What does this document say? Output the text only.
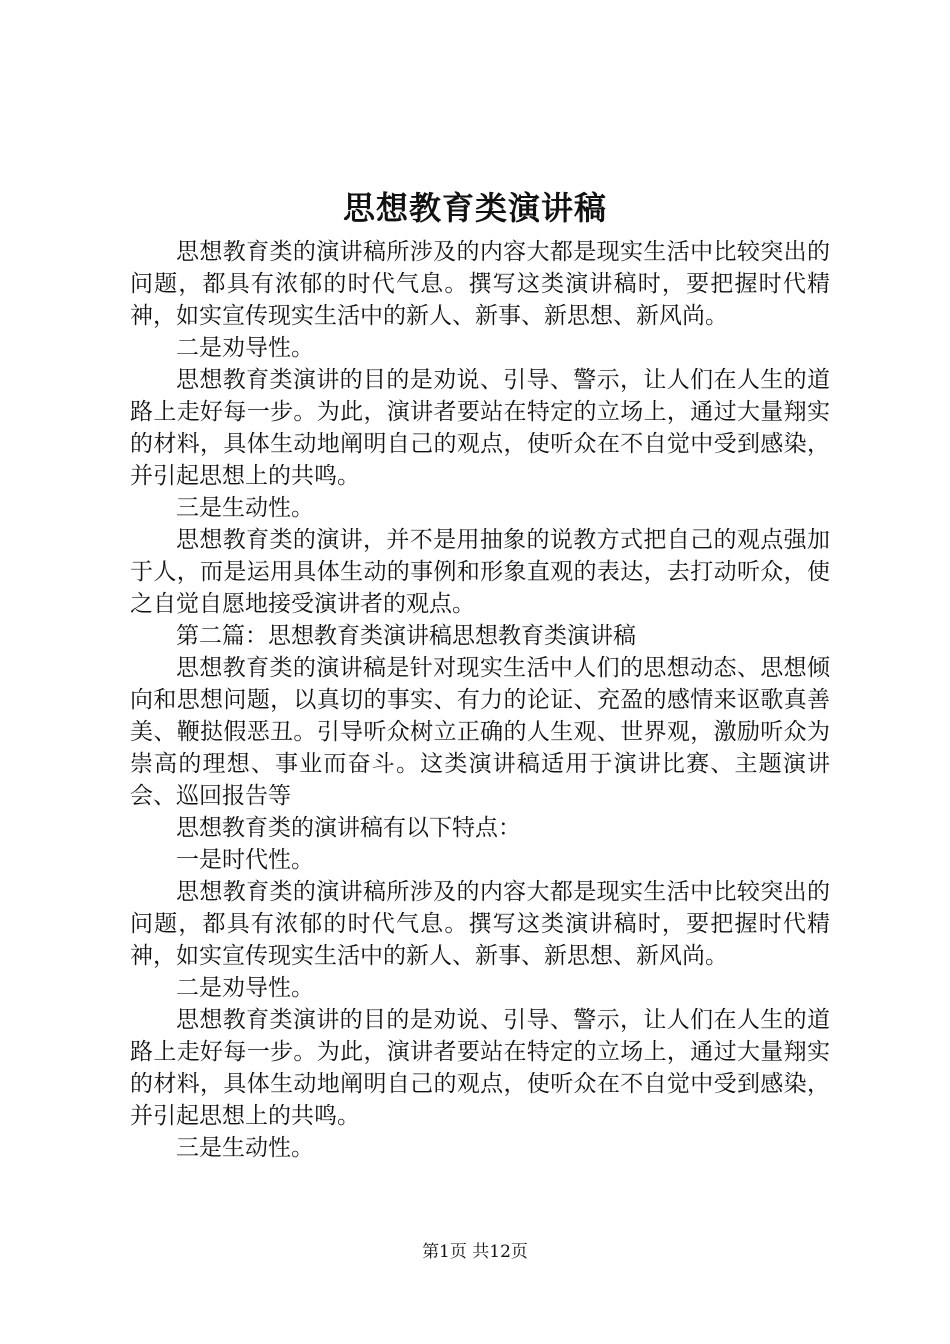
思想教育类演讲稿

思想教育类的演讲稿所涉及的内容大都是现实生活中比较突出的问题，都具有浓郁的时代气息。撰写这类演讲稿时，要把握时代精神，如实宣传现实生活中的新人、新事、新思想、新风尚。

二是劝导性。

思想教育类演讲的目的是劝说、引导、警示，让人们在人生的道路上走好每一步。为此，演讲者要站在特定的立场上，通过大量翔实的材料，具体生动地阐明自己的观点，使听众在不自觉中受到感染，并引起思想上的共鸣。

三是生动性。

思想教育类的演讲，并不是用抽象的说教方式把自己的观点强加于人，而是运用具体生动的事例和形象直观的表达，去打动听众，使之自觉自愿地接受演讲者的观点。

第二篇：思想教育类演讲稿思想教育类演讲稿

思想教育类的演讲稿是针对现实生活中人们的思想动态、思想倾向和思想问题，以真切的事实、有力的论证、充盈的感情来讴歌真善美、鞭挞假恶丑。引导听众树立正确的人生观、世界观，激励听众为崇高的理想、事业而奋斗。这类演讲稿适用于演讲比赛、主题演讲会、巡回报告等

思想教育类的演讲稿有以下特点：

一是时代性。

思想教育类的演讲稿所涉及的内容大都是现实生活中比较突出的问题，都具有浓郁的时代气息。撰写这类演讲稿时，要把握时代精神，如实宣传现实生活中的新人、新事、新思想、新风尚。

二是劝导性。

思想教育类演讲的目的是劝说、引导、警示，让人们在人生的道路上走好每一步。为此，演讲者要站在特定的立场上，通过大量翔实的材料，具体生动地阐明自己的观点，使听众在不自觉中受到感染，并引起思想上的共鸣。

三是生动性。

第1页 共12页
